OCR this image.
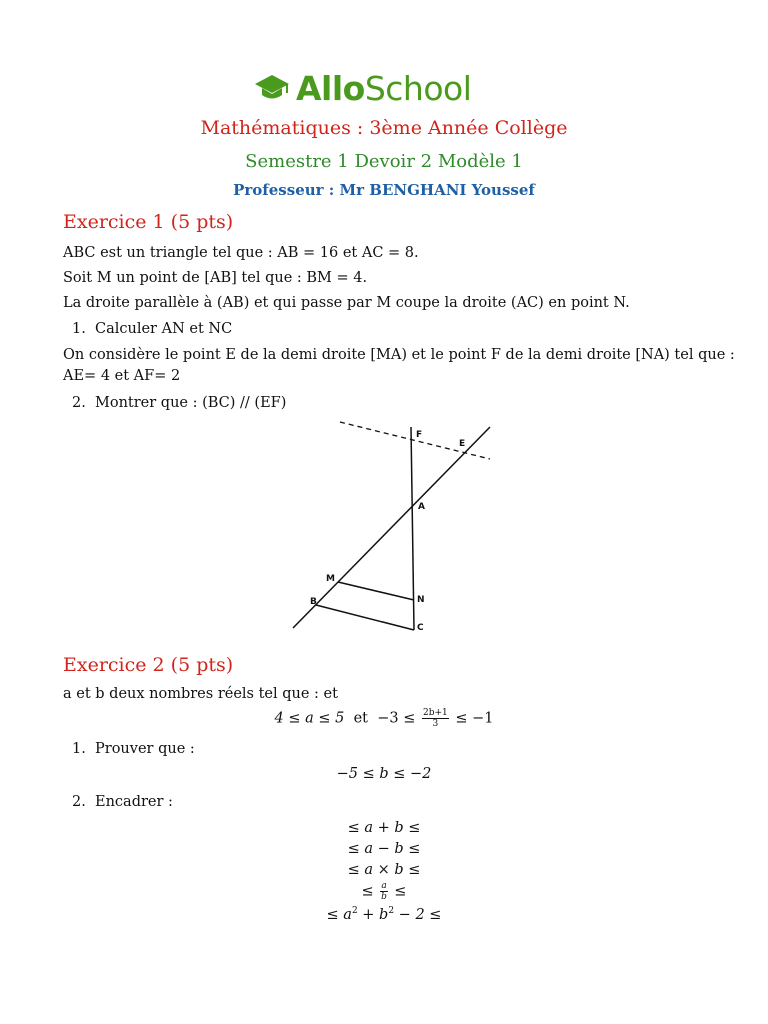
AlloSchool
Mathématiques : 3ème Année Collège
Semestre 1 Devoir 2 Modèle 1
Professeur : Mr BENGHANI Youssef
Exercice 1 (5 pts)
ABC est un triangle tel que : AB = 16 et AC = 8.
Soit M un point de [AB] tel que : BM = 4.
La droite parallèle à (AB) et qui passe par M coupe la droite (AC) en point N.
1. Calculer AN et NC
On considère le point E de la demi droite [MA) et le point F de la demi droite [NA) tel que :
AE= 4 et AF= 2
2. Montrer que : (BC) // (EF)
F
E
A
M
N
B
C
Exercice 2 (5 pts)
a et b deux nombres réels tel que : et
4 ≤ a ≤ 5 et $-3 \le \frac{2b+1}{3} \le -1$
1. Prouver que :
−5 ≤ b ≤ −2
2. Encadrer :
≤ a + b ≤
≤ a − b ≤
≤ a × b ≤
≤ $\frac{a}{b}$ ≤
≤ $a^2 + b^2 - 2$ ≤
